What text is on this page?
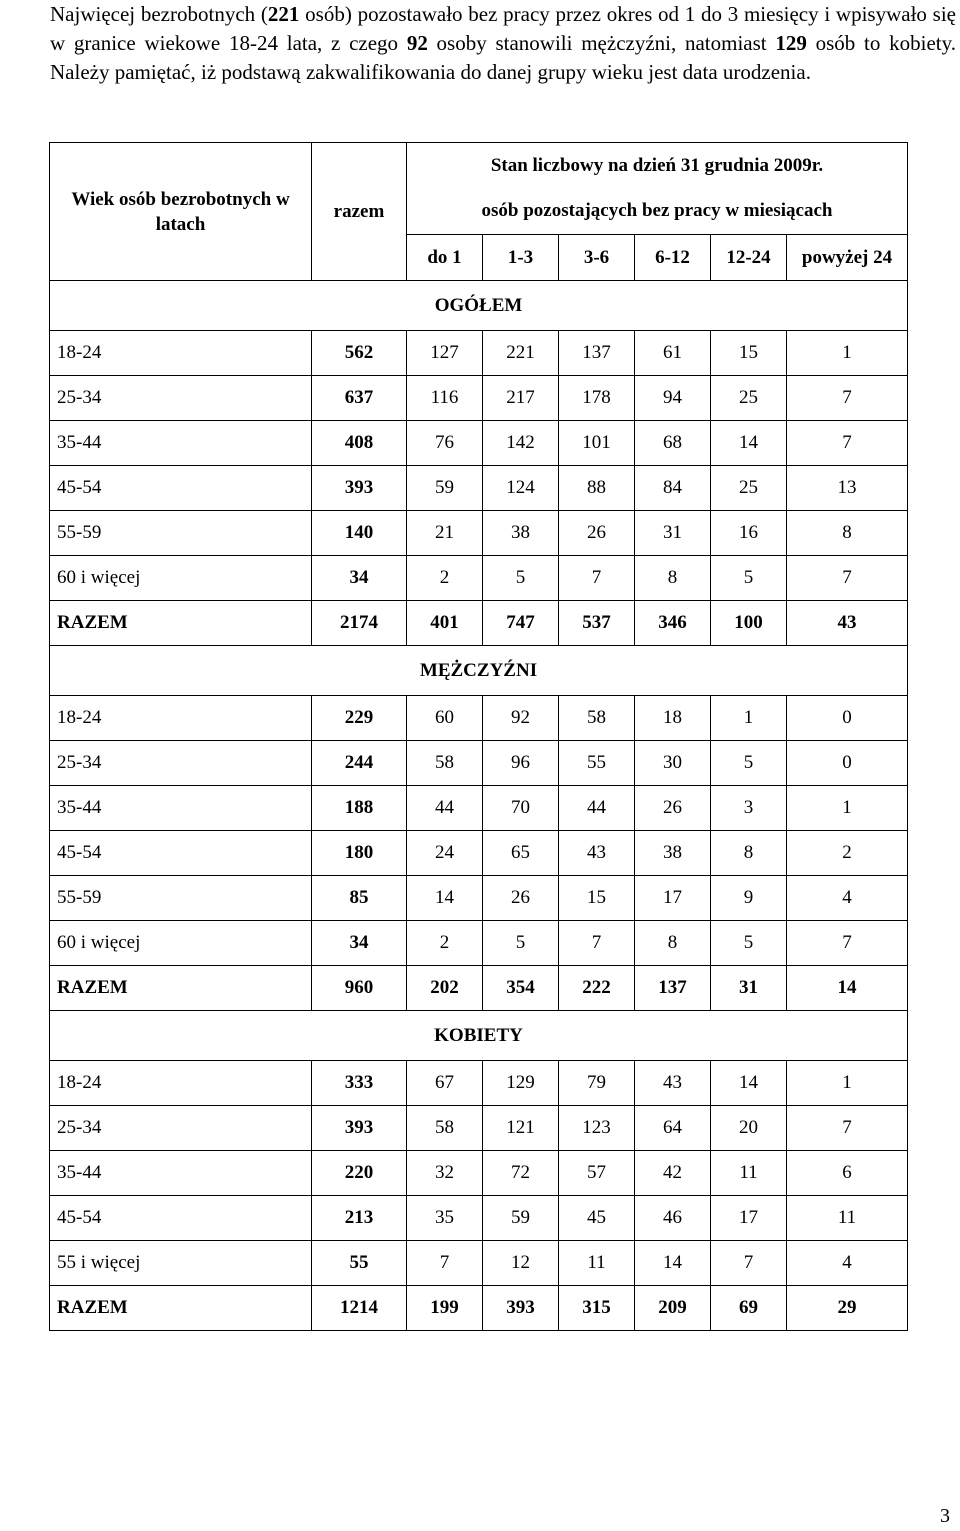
Najwięcej bezrobotnych (221 osób) pozostawało bez pracy przez okres od 1 do 3 miesięcy i wpisywało się w granice wiekowe 18-24 lata, z czego 92 osoby stanowili mężczyźni, natomiast 129 osób to kobiety. Należy pamiętać, iż podstawą zakwalifikowania do danej grupy wieku jest data urodzenia.

Wiek osób bezrobotnych w latach	razem	Stan liczbowy na dzień 31 grudnia 2009r.					
		osób pozostających bez pracy w miesiącach					
		do 1	1-3	3-6	6-12	12-24	powyżej 24
OGÓŁEM							
18-24	562	127	221	137	61	15	1
25-34	637	116	217	178	94	25	7
35-44	408	76	142	101	68	14	7
45-54	393	59	124	88	84	25	13
55-59	140	21	38	26	31	16	8
60 i więcej	34	2	5	7	8	5	7
RAZEM	2174	401	747	537	346	100	43
MĘŻCZYŹNI							
18-24	229	60	92	58	18	1	0
25-34	244	58	96	55	30	5	0
35-44	188	44	70	44	26	3	1
45-54	180	24	65	43	38	8	2
55-59	85	14	26	15	17	9	4
60 i więcej	34	2	5	7	8	5	7
RAZEM	960	202	354	222	137	31	14
KOBIETY							
18-24	333	67	129	79	43	14	1
25-34	393	58	121	123	64	20	7
35-44	220	32	72	57	42	11	6
45-54	213	35	59	45	46	17	11
55 i więcej	55	7	12	11	14	7	4
RAZEM	1214	199	393	315	209	69	29
3
